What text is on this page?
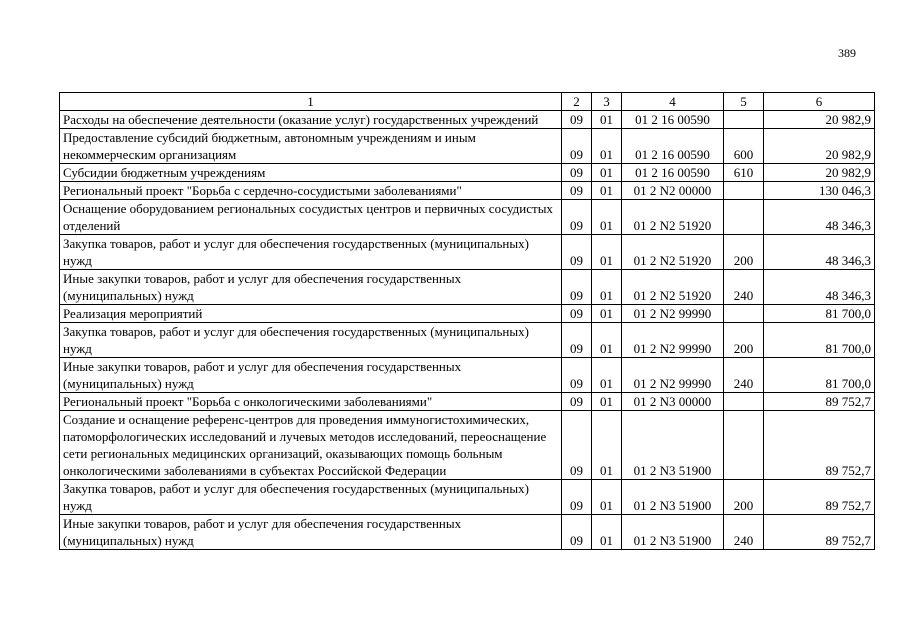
389
1	2	3	4	5	6
Расходы на обеспечение деятельности (оказание услуг) государственных учреждений	09	01	01 2 16 00590		20 982,9
Предоставление субсидий бюджетным, автономным учреждениям и иным некоммерческим организациям	09	01	01 2 16 00590	600	20 982,9
Субсидии бюджетным учреждениям	09	01	01 2 16 00590	610	20 982,9
Региональный проект "Борьба с сердечно-сосудистыми заболеваниями"	09	01	01 2 N2 00000		130 046,3
Оснащение оборудованием региональных сосудистых центров и первичных сосудистых отделений	09	01	01 2 N2 51920		48 346,3
Закупка товаров, работ и услуг для обеспечения государственных (муниципальных) нужд	09	01	01 2 N2 51920	200	48 346,3
Иные закупки товаров, работ и услуг для обеспечения государственных (муниципальных) нужд	09	01	01 2 N2 51920	240	48 346,3
Реализация мероприятий	09	01	01 2 N2 99990		81 700,0
Закупка товаров, работ и услуг для обеспечения государственных (муниципальных) нужд	09	01	01 2 N2 99990	200	81 700,0
Иные закупки товаров, работ и услуг для обеспечения государственных (муниципальных) нужд	09	01	01 2 N2 99990	240	81 700,0
Региональный проект "Борьба с онкологическими заболеваниями"	09	01	01 2 N3 00000		89 752,7
Создание и оснащение референс-центров для проведения иммуногистохимических, патоморфологических исследований и лучевых методов исследований, переоснащение сети региональных медицинских организаций, оказывающих помощь больным онкологическими заболеваниями в субъектах Российской Федерации	09	01	01 2 N3 51900		89 752,7
Закупка товаров, работ и услуг для обеспечения государственных (муниципальных) нужд	09	01	01 2 N3 51900	200	89 752,7
Иные закупки товаров, работ и услуг для обеспечения государственных (муниципальных) нужд	09	01	01 2 N3 51900	240	89 752,7
